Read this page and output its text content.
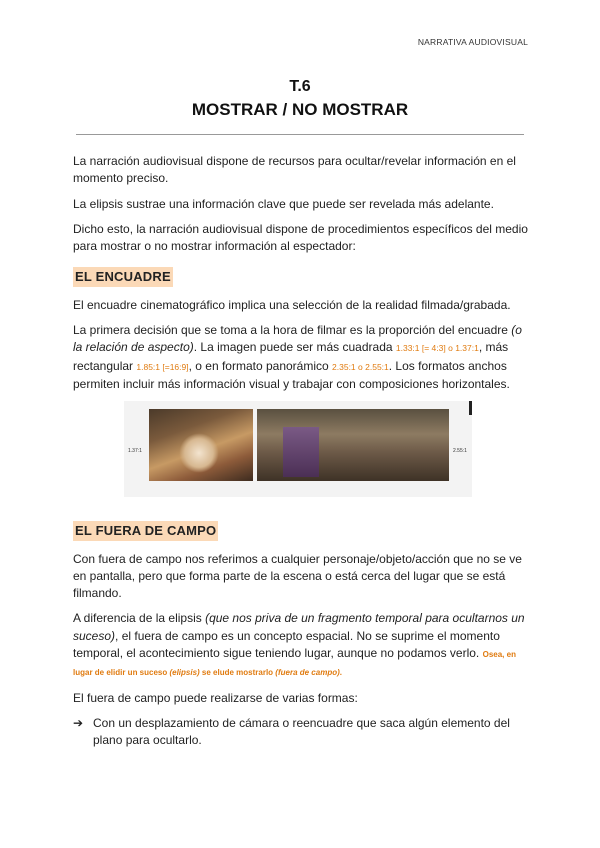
NARRATIVA AUDIOVISUAL
T.6
MOSTRAR / NO MOSTRAR

La narración audiovisual dispone de recursos para ocultar/revelar información en el momento preciso.

La elipsis sustrae una información clave que puede ser revelada más adelante.

Dicho esto, la narración audiovisual dispone de procedimientos específicos del medio para mostrar o no mostrar información al espectador:

EL ENCUADRE

El encuadre cinematográfico implica una selección de la realidad filmada/grabada.

La primera decisión que se toma a la hora de filmar es la proporción del encuadre (o la relación de aspecto). La imagen puede ser más cuadrada 1.33:1 [= 4:3] o 1.37:1, más rectangular 1.85:1 [=16:9], o en formato panorámico 2.35:1 o 2.55:1. Los formatos anchos permiten incluir más información visual y trabajar con composiciones horizontales.

1.37:1	2.55:1
EL FUERA DE CAMPO

Con fuera de campo nos referimos a cualquier personaje/objeto/acción que no se ve en pantalla, pero que forma parte de la escena o está cerca del lugar que se está filmando.

A diferencia de la elipsis (que nos priva de un fragmento temporal para ocultarnos un suceso), el fuera de campo es un concepto espacial. No se suprime el momento temporal, el acontecimiento sigue teniendo lugar, aunque no podamos verlo. Osea, en lugar de elidir un suceso (elipsis) se elude mostrarlo (fuera de campo).

El fuera de campo puede realizarse de varias formas:

➔ Con un desplazamiento de cámara o reencuadre que saca algún elemento del plano para ocultarlo.
